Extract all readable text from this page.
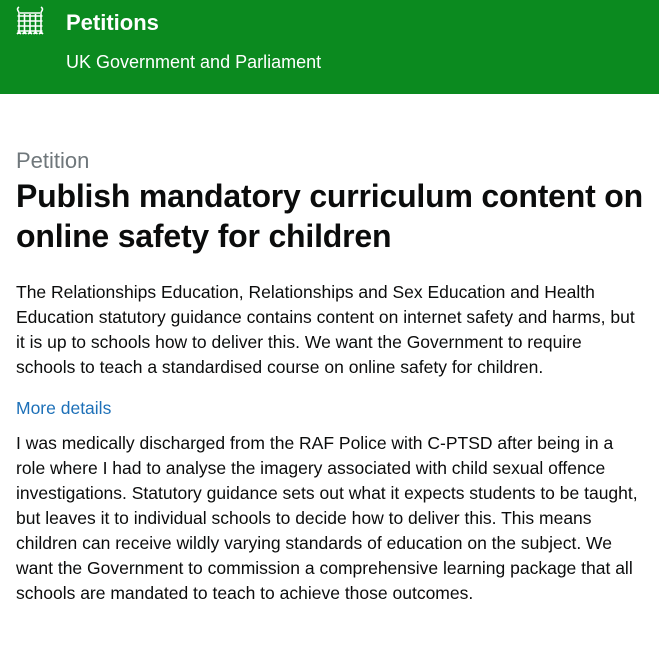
Petitions
UK Government and Parliament
Petition
Publish mandatory curriculum content on online safety for children

The Relationships Education, Relationships and Sex Education and Health Education statutory guidance contains content on internet safety and harms, but it is up to schools how to deliver this. We want the Government to require schools to teach a standardised course on online safety for children.

More details

I was medically discharged from the RAF Police with C-PTSD after being in a role where I had to analyse the imagery associated with child sexual offence investigations. Statutory guidance sets out what it expects students to be taught, but leaves it to individual schools to decide how to deliver this. This means children can receive wildly varying standards of education on the subject. We want the Government to commission a comprehensive learning package that all schools are mandated to teach to achieve those outcomes.
